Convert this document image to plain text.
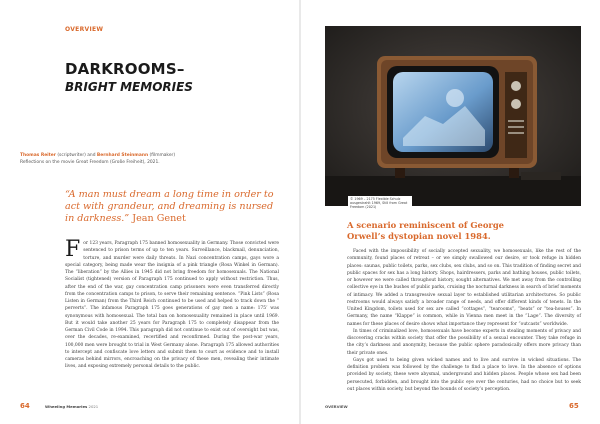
OVERVIEW
DARKROOMS–
BRIGHT MEMORIES
Thomas Reiter (scriptwriter) and Bernhard Steinmann (filmmaker)
Reflections on the movie Great Freedom (Große Freiheit), 2021.
“A man must dream a long time in order to act with grandeur, and dreaming is nursed in darkness.” Jean Genet
For 123 years, Paragraph 175 banned homosexuality in Germany. Those convicted were sentenced to prison terms of up to ten years. Surveillance, blackmail, denunciation, torture, and murder were daily threats. In Nazi concentration camps, gays wore a special category, being made wear the insignia of a pink triangle (Rosa Winkel in German). The “liberation” by the Allies in 1945 did not bring freedom for homosexuals. The National Socialist (tightened) version of Paragraph 175 continued to apply without restriction. Thus, after the end of the war, gay concentration camp prisoners were even transferred directly from the concentration camps to prison, to serve their remaining sentence. “Pink Lists” (Rosa Listen in German) from the Third Reich continued to be used and helped to track down the “ perverts”. The infamous Paragraph 175 goes generations of gay men a name: 175’ was synonymous with homosexual. The total ban on homosexuality remained in place until 1969. But it would take another 25 years for Paragraph 175 to completely disappear from the German Civil Code in 1994. This paragraph did not continue to exist out of oversight but was, over the decades, re-examined, recertified and reconfirmed. During the post-war years, 100,000 men were brought to trial in West Germany alone. Paragraph 175 allowed authorities to intercept and confiscate love letters and submit them to court as evidence and to install cameras behind mirrors, encroaching on the privacy of these men, revealing their intimate lives, and exposing extremely personal details to the public.
64	Wheeling Memories 2021
© 1969 – 2175 Flexible Schulz ausgestrahlt 1969, Still from Great Freedom (2021)
A scenario reminiscent of George Orwell’s dystopian novel 1984.

Faced with the impossibility of socially accepted sexuality, we homosexuals, like the rest of the community, found places of retreat – or we simply swallowed our desire, or took refuge in hidden places: saunas, public toilets, parks, sex clubs, sex clubs, and so on. This tradition of finding secret and public spaces for sex has a long history. Shops, hairdressers, parks and bathing houses, public toilets, or however we were called throughout history, sought alternatives. We met away from the controlling collective eye in the bushes of public parks, cruising the nocturnal darkness in search of brief moments of intimacy. We added a transgressive sexual layer to established utilitarian architectures. So public restrooms would always satisfy a broader range of needs, and offer different kinds of tenets. In the United Kingdom, toilets used for sex are called “cottages”, “tearooms”, “beats” or “tea-houses”. In Germany, the name “Klappe” is common, while in Vienna men meet in the “Lage”. The diversity of names for these places of desire shows what importance they represent for “outcasts” worldwide.

In times of criminalized love, homosexuals have become experts in stealing moments of privacy and discovering cracks within society that offer the possibility of a sexual encounter. They take refuge in the city’s darkness and anonymity, because the public sphere paradoxically offers more privacy than their private ones.

Gays got used to being given wicked names and to live and survive in wicked situations. The definition problem was followed by the challenge to find a place to love. In the absence of options provided by society, these were abysmal, underground and hidden places. People whose sex had been persecuted, forbidden, and brought into the public eye over the centuries, had no choice but to seek out places within society, but beyond the bounds of society’s perception.

OVERVIEW	65
